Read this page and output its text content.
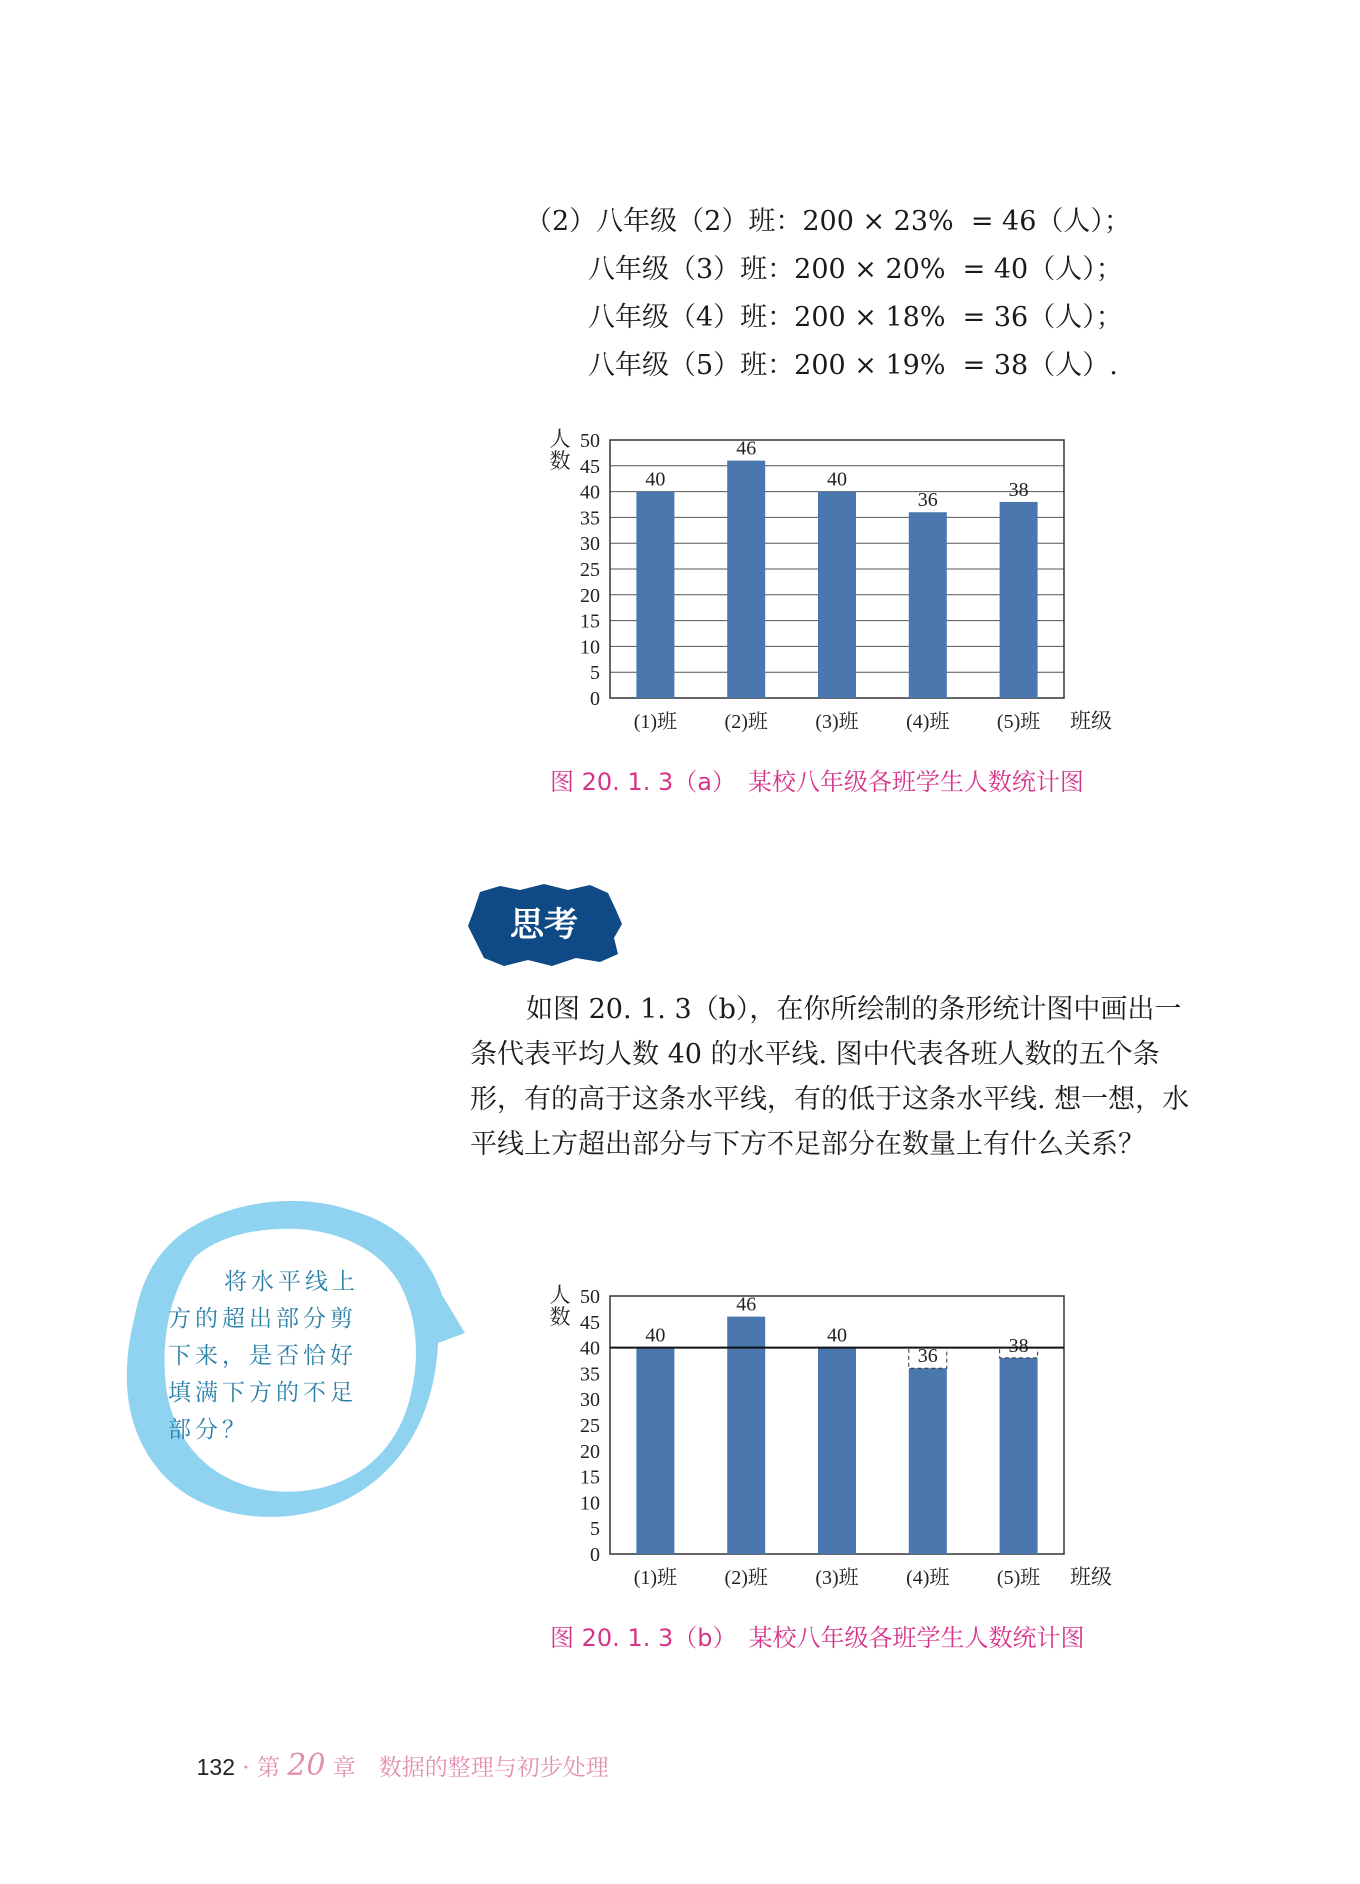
（2）八年级（2）班：200 × 23%  = 46（人）；
八年级（3）班：200 × 20%  = 40（人）；
八年级（4）班：200 × 18%  = 36（人）；
八年级（5）班：200 × 19%  = 38（人）.
0
5
10
15
20
25
30
35
40
45
50
人
数
40
(1)班
46
(2)班
40
(3)班
36
(4)班
38
(5)班 班级
图 20. 1. 3（a）　某校八年级各班学生人数统计图
思考

如图 20. 1. 3（b），在你所绘制的条形统计图中画出一条代表平均人数 40 的水平线. 图中代表各班人数的五个条形，有的高于这条水平线，有的低于这条水平线. 想一想，水平线上方超出部分与下方不足部分在数量上有什么关系？

将水平线上方的超出部分剪下来，是否恰好填满下方的不足部分？

0
5
10
15
20
25
30
35
40
45
50
人
数
40
(1)班
46
(2)班
40
(3)班
36
(4)班
38
(5)班 班级
图 20. 1. 3（b）　某校八年级各班学生人数统计图

132 · 第 20 章　 数据的整理与初步处理
